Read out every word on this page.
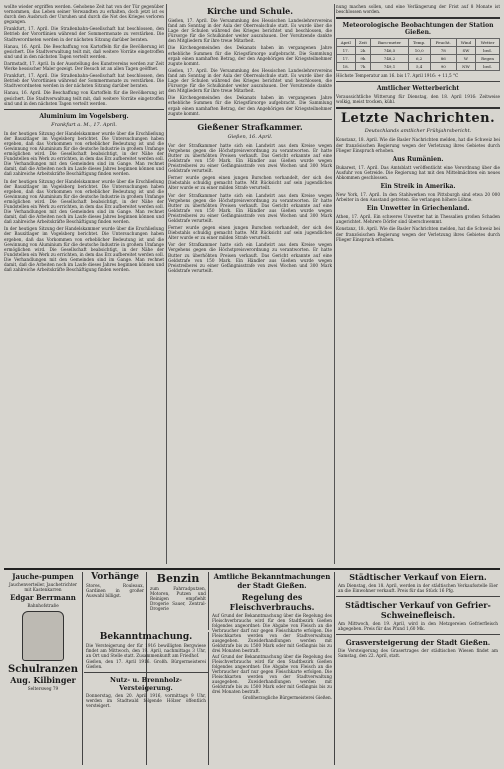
wollte wieder ergriffen werden. Gehobene Zeit hat von der Tür gegenüber vernommen, das Leben seiner Verwandten zu erhalten, doch jetzt ist es durch den Ausbruch der Unruhen und durch die Not des Krieges verloren gegangen.

Frankfurt, 17. April. Die Straßenbahn-Gesellschaft hat beschlossen, den Betrieb der Vorortlinien während der Sommermonate zu verstärken. Die Stadtverordneten werden in der nächsten Sitzung darüber beraten.

Hanau, 16. April. Die Beschaffung von Kartoffeln für die Bevölkerung ist gesichert. Die Stadtverwaltung teilt mit, daß weitere Vorräte eingetroffen sind und in den nächsten Tagen verteilt werden.

Darmstadt, 17. April. In der Ausstellung des Kunstvereins werden zur Zeit Werke hessischer Maler gezeigt. Der Besuch ist an allen Tagen geöffnet.

Frankfurt, 17. April. Die Straßenbahn-Gesellschaft hat beschlossen, den Betrieb der Vorortlinien während der Sommermonate zu verstärken. Die Stadtverordneten werden in der nächsten Sitzung darüber beraten.

Hanau, 16. April. Die Beschaffung von Kartoffeln für die Bevölkerung ist gesichert. Die Stadtverwaltung teilt mit, daß weitere Vorräte eingetroffen sind und in den nächsten Tagen verteilt werden.

Aluminium im Vogelsberg.
Frankfurt a. M., 17. April.

In der heutigen Sitzung der Handelskammer wurde über die Erschließung der Bauxitlager im Vogelsberg berichtet. Die Untersuchungen haben ergeben, daß das Vorkommen von erheblicher Bedeutung ist und die Gewinnung von Aluminium für die deutsche Industrie in großem Umfange ermöglichen wird. Die Gesellschaft beabsichtigt, in der Nähe der Fundstellen ein Werk zu errichten, in dem das Erz aufbereitet werden soll. Die Verhandlungen mit den Gemeinden sind im Gange. Man rechnet damit, daß die Arbeiten noch im Laufe dieses Jahres beginnen können und daß zahlreiche Arbeitskräfte Beschäftigung finden werden.

In der heutigen Sitzung der Handelskammer wurde über die Erschließung der Bauxitlager im Vogelsberg berichtet. Die Untersuchungen haben ergeben, daß das Vorkommen von erheblicher Bedeutung ist und die Gewinnung von Aluminium für die deutsche Industrie in großem Umfange ermöglichen wird. Die Gesellschaft beabsichtigt, in der Nähe der Fundstellen ein Werk zu errichten, in dem das Erz aufbereitet werden soll. Die Verhandlungen mit den Gemeinden sind im Gange. Man rechnet damit, daß die Arbeiten noch im Laufe dieses Jahres beginnen können und daß zahlreiche Arbeitskräfte Beschäftigung finden werden.

In der heutigen Sitzung der Handelskammer wurde über die Erschließung der Bauxitlager im Vogelsberg berichtet. Die Untersuchungen haben ergeben, daß das Vorkommen von erheblicher Bedeutung ist und die Gewinnung von Aluminium für die deutsche Industrie in großem Umfange ermöglichen wird. Die Gesellschaft beabsichtigt, in der Nähe der Fundstellen ein Werk zu errichten, in dem das Erz aufbereitet werden soll. Die Verhandlungen mit den Gemeinden sind im Gange. Man rechnet damit, daß die Arbeiten noch im Laufe dieses Jahres beginnen können und daß zahlreiche Arbeitskräfte Beschäftigung finden werden.

Kirche und Schule.

Gießen, 17. April. Die Versammlung des Hessischen Landeslehrervereins fand am Sonntag in der Aula der Oberrealschule statt. Es wurde über die Lage der Schulen während des Krieges berichtet und beschlossen, die Fürsorge für die Schulkinder weiter auszubauen. Der Vorsitzende dankte den Mitgliedern für ihre treue Mitarbeit.

Die Kirchengemeinden des Dekanats haben im vergangenen Jahre erhebliche Summen für die Kriegsfürsorge aufgebracht. Die Sammlung ergab einen namhaften Betrag, der den Angehörigen der Kriegsteilnehmer zugute kommt.

Gießen, 17. April. Die Versammlung des Hessischen Landeslehrervereins fand am Sonntag in der Aula der Oberrealschule statt. Es wurde über die Lage der Schulen während des Krieges berichtet und beschlossen, die Fürsorge für die Schulkinder weiter auszubauen. Der Vorsitzende dankte den Mitgliedern für ihre treue Mitarbeit.

Die Kirchengemeinden des Dekanats haben im vergangenen Jahre erhebliche Summen für die Kriegsfürsorge aufgebracht. Die Sammlung ergab einen namhaften Betrag, der den Angehörigen der Kriegsteilnehmer zugute kommt.

Gießener Strafkammer.
Gießen, 16. April.

Vor der Strafkammer hatte sich ein Landwirt aus dem Kreise wegen Vergehens gegen die Höchstpreisverordnung zu verantworten. Er hatte Butter zu überhöhten Preisen verkauft. Das Gericht erkannte auf eine Geldstrafe von 150 Mark. Ein Händler aus Gießen wurde wegen Preistreiberei zu einer Gefängnisstrafe von zwei Wochen und 300 Mark Geldstrafe verurteilt.

Ferner wurde gegen einen jungen Burschen verhandelt, der sich des Diebstahls schuldig gemacht hatte. Mit Rücksicht auf sein jugendliches Alter wurde er zu einer milden Strafe verurteilt.

Vor der Strafkammer hatte sich ein Landwirt aus dem Kreise wegen Vergehens gegen die Höchstpreisverordnung zu verantworten. Er hatte Butter zu überhöhten Preisen verkauft. Das Gericht erkannte auf eine Geldstrafe von 150 Mark. Ein Händler aus Gießen wurde wegen Preistreiberei zu einer Gefängnisstrafe von zwei Wochen und 300 Mark Geldstrafe verurteilt.

Ferner wurde gegen einen jungen Burschen verhandelt, der sich des Diebstahls schuldig gemacht hatte. Mit Rücksicht auf sein jugendliches Alter wurde er zu einer milden Strafe verurteilt.

Vor der Strafkammer hatte sich ein Landwirt aus dem Kreise wegen Vergehens gegen die Höchstpreisverordnung zu verantworten. Er hatte Butter zu überhöhten Preisen verkauft. Das Gericht erkannte auf eine Geldstrafe von 150 Mark. Ein Händler aus Gießen wurde wegen Preistreiberei zu einer Gefängnisstrafe von zwei Wochen und 300 Mark Geldstrafe verurteilt.

nung machen sollen, und eine Verlängerung der Frist auf 8 Monate ist beschlossen worden.

Meteorologische Beobachtungen der Station Gießen.
April	Zeit	Baro-meter	Temp.	Feucht.	Wind	Wetter
17.	2h	746,5	10,0	78	SW	bed.
17.	9h	748,2	6,2	86	W	Regen
18.	7h	749,1	5,4	90	NW	bed.

Höchste Temperatur am 16. bis 17. April 1916: + 11,5 °C

Amtlicher Wetterbericht

Voraussichtliche Witterung für Dienstag, den 18. April 1916: Zeitweise wolkig, meist trocken, kühl.

Letzte Nachrichten.
Deutschlands amtlicher Frühjahrsbericht.

Konstanz, 18. April. Wie die Basler Nachrichten melden, hat die Schweiz bei der französischen Regierung wegen der Verletzung ihres Gebietes durch Flieger Einspruch erhoben.

Aus Rumänien.

Bukarest, 17. April. Das Amtsblatt veröffentlicht eine Verordnung über die Ausfuhr von Getreide. Die Regierung hat mit den Mittelmächten ein neues Abkommen geschlossen.

Ein Streik in Amerika.

New York, 17. April. In den Stahlwerken von Pittsburgh sind etwa 20 000 Arbeiter in den Ausstand getreten. Sie verlangen höhere Löhne.

Ein Unwetter in Griechenland.

Athen, 17. April. Ein schweres Unwetter hat in Thessalien großen Schaden angerichtet. Mehrere Dörfer sind überschwemmt.

Konstanz, 18. April. Wie die Basler Nachrichten melden, hat die Schweiz bei der französischen Regierung wegen der Verletzung ihres Gebietes durch Flieger Einspruch erhoben.

Jauche-pumpen
Jauchenverteiler, Jauchetrichter mit Kastenkarren
Edgar Berrmann
Bahnhofstraße
Schulranzen
Aug. Kilbinger
Seltersweg 79
Vorhänge
Stores, Rouleaux, Gardinen in großer Auswahl billigst.
Benzin
zum Fahrradputzen, Motoren, Putzen und Reinigen empfiehlt Drogerie Sauer, Zentral-Drogerie
Bekanntmachung.
Die Versteigerung der für 1916 bewilligten Bergwiese findet am Mittwoch, den 19. April, nachmittags 3 Uhr, an Ort und Stelle statt. Zusammenkunft am Friedhof.
Gießen, den 17. April 1916. Großh. Bürgermeisterei Gießen.
Nutz- u. Brennholz-Versteigerung.
Donnerstag, den 20. April 1916, vormittags 9 Uhr, werden im Stadtwald folgende Hölzer öffentlich versteigert.
Amtliche Bekanntmachungen der Stadt Gießen.
Regelung des Fleischverbrauchs.
Auf Grund der Bekanntmachung über die Regelung des Fleischverbrauchs wird für den Stadtbezirk Gießen folgendes angeordnet: Die Abgabe von Fleisch an die Verbraucher darf nur gegen Fleischkarte erfolgen. Die Fleischkarten werden von der Stadtverwaltung ausgegeben. Zuwiderhandlungen werden mit Geldstrafe bis zu 1500 Mark oder mit Gefängnis bis zu drei Monaten bestraft.
Auf Grund der Bekanntmachung über die Regelung des Fleischverbrauchs wird für den Stadtbezirk Gießen folgendes angeordnet: Die Abgabe von Fleisch an die Verbraucher darf nur gegen Fleischkarte erfolgen. Die Fleischkarten werden von der Stadtverwaltung ausgegeben. Zuwiderhandlungen werden mit Geldstrafe bis zu 1500 Mark oder mit Gefängnis bis zu drei Monaten bestraft.
Großherzogliche Bürgermeisterei Gießen.
Städtischer Verkauf von Eiern.
Am Dienstag, den 18. April, werden in der städtischen Verkaufsstelle Eier an die Einwohner verkauft. Preis für das Stück 16 Pfg.
Städtischer Verkauf von Gefrier-Schweinefleisch.
Am Mittwoch, den 19. April, wird in den Metzgereien Gefrierfleisch abgegeben. Preis für das Pfund 1,60 Mk.
Grasversteigerung der Stadt Gießen.
Die Versteigerung des Grasertrages der städtischen Wiesen findet am Samstag, den 22. April, statt.
